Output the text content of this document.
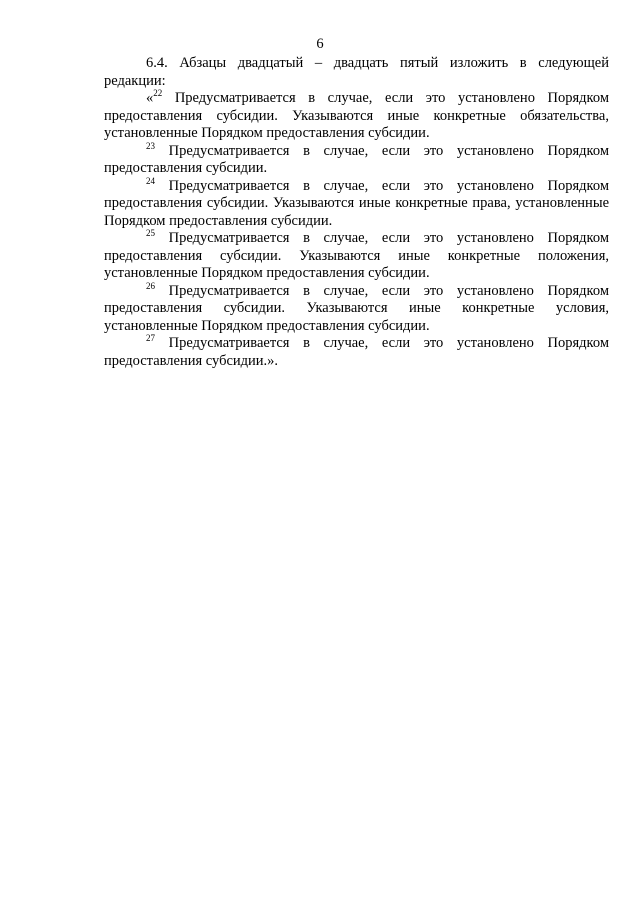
6

6.4. Абзацы двадцатый – двадцать пятый изложить в следующей редакции:

«$^{22}$ Предусматривается в случае, если это установлено Порядком предоставления субсидии. Указываются иные конкретные обязательства, установленные Порядком предоставления субсидии.

$^{23}$ Предусматривается в случае, если это установлено Порядком предоставления субсидии.

$^{24}$ Предусматривается в случае, если это установлено Порядком предоставления субсидии. Указываются иные конкретные права, установленные Порядком предоставления субсидии.

$^{25}$ Предусматривается в случае, если это установлено Порядком предоставления субсидии. Указываются иные конкретные положения, установленные Порядком предоставления субсидии.

$^{26}$ Предусматривается в случае, если это установлено Порядком предоставления субсидии. Указываются иные конкретные условия, установленные Порядком предоставления субсидии.

$^{27}$ Предусматривается в случае, если это установлено Порядком предоставления субсидии.».
